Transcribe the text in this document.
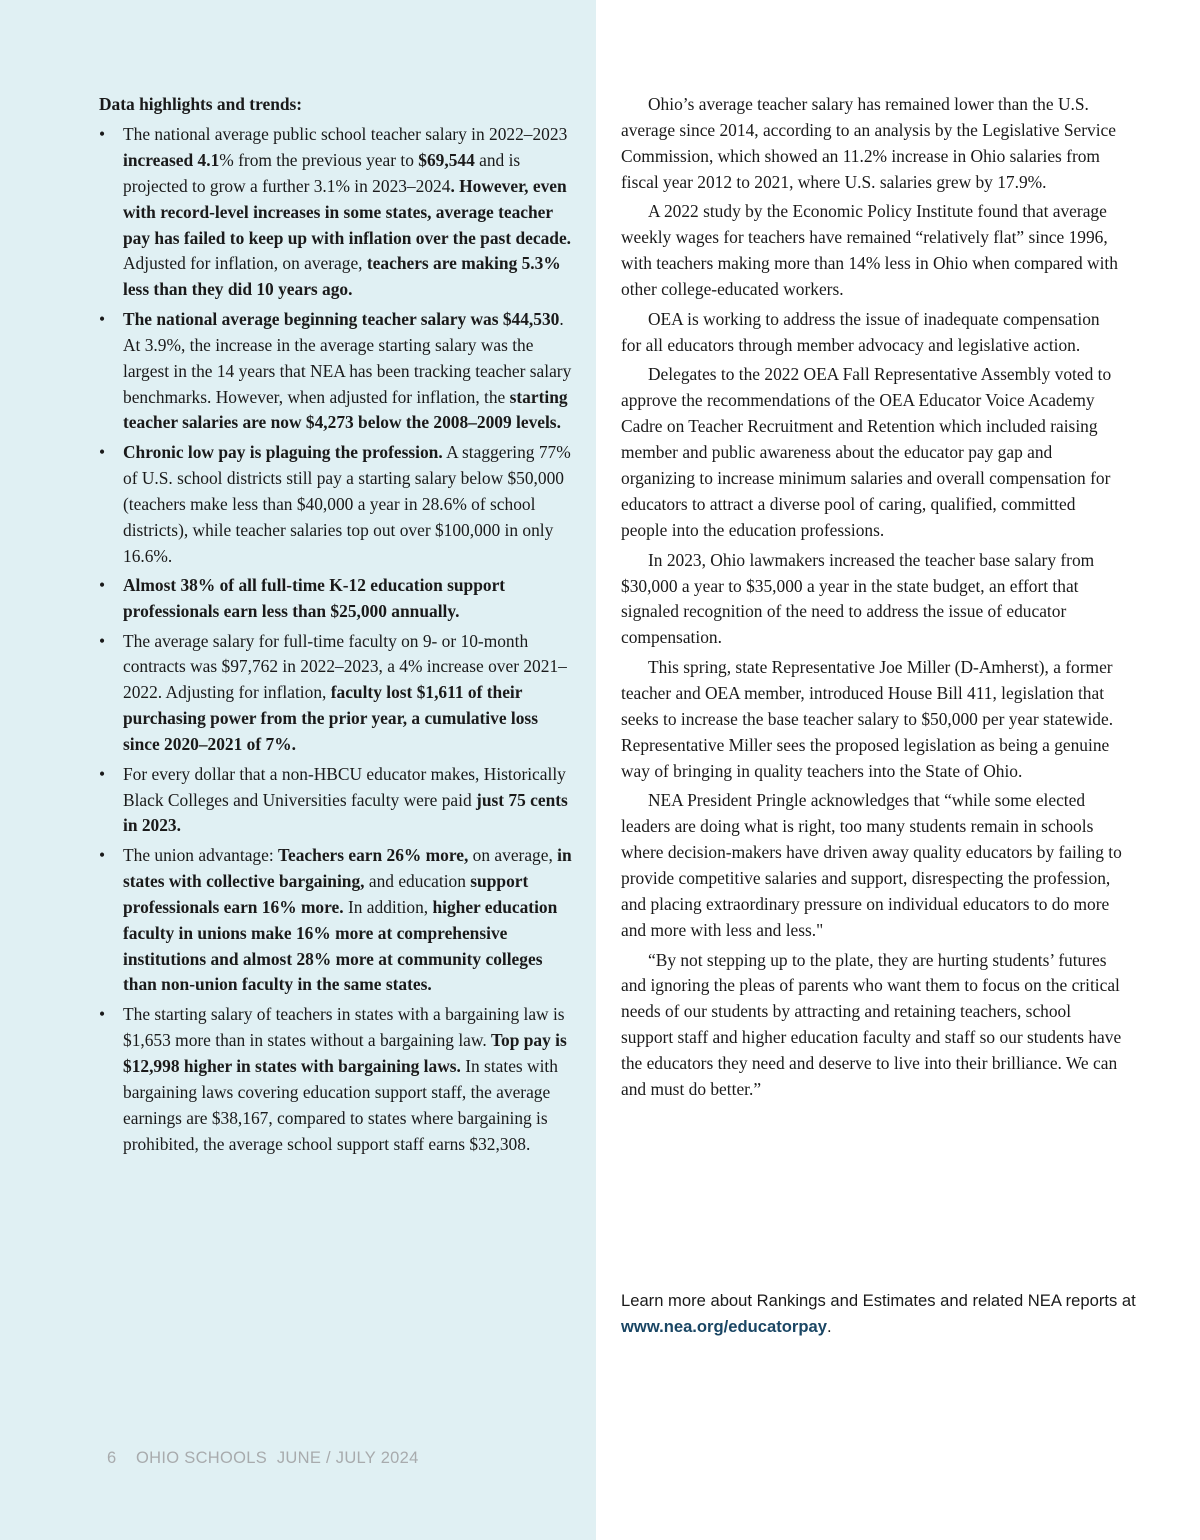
Data highlights and trends:
•	The national average public school teacher salary in 2022–2023 increased 4.1% from the previous year to $69,544 and is projected to grow a further 3.1% in 2023–2024. However, even with record-level increases in some states, average teacher pay has failed to keep up with inflation over the past decade. Adjusted for inflation, on average, teachers are making 5.3% less than they did 10 years ago.
•	The national average beginning teacher salary was $44,530. At 3.9%, the increase in the average starting salary was the largest in the 14 years that NEA has been tracking teacher salary benchmarks. However, when adjusted for inflation, the starting teacher salaries are now $4,273 below the 2008–2009 levels.
•	Chronic low pay is plaguing the profession. A staggering 77% of U.S. school districts still pay a starting salary below $50,000 (teachers make less than $40,000 a year in 28.6% of school districts), while teacher salaries top out over $100,000 in only 16.6%.
•	Almost 38% of all full-time K-12 education support professionals earn less than $25,000 annually.
•	The average salary for full-time faculty on 9- or 10-month contracts was $97,762 in 2022–2023, a 4% increase over 2021–2022. Adjusting for inflation, faculty lost $1,611 of their purchasing power from the prior year, a cumulative loss since 2020–2021 of 7%.
•	For every dollar that a non-HBCU educator makes, Historically Black Colleges and Universities faculty were paid just 75 cents in 2023.
•	The union advantage: Teachers earn 26% more, on average, in states with collective bargaining, and education support professionals earn 16% more. In addition, higher education faculty in unions make 16% more at comprehensive institutions and almost 28% more at community colleges than non-union faculty in the same states.
•	The starting salary of teachers in states with a bargaining law is $1,653 more than in states without a bargaining law. Top pay is $12,998 higher in states with bargaining laws. In states with bargaining laws covering education support staff, the average earnings are $38,167, compared to states where bargaining is prohibited, the average school support staff earns $32,308.

Ohio’s average teacher salary has remained lower than the U.S. average since 2014, according to an analysis by the Legislative Service Commission, which showed an 11.2% increase in Ohio salaries from fiscal year 2012 to 2021, where U.S. salaries grew by 17.9%.

A 2022 study by the Economic Policy Institute found that average weekly wages for teachers have remained “relatively flat” since 1996, with teachers making more than 14% less in Ohio when compared with other college-educated workers.

OEA is working to address the issue of inadequate compensation for all educators through member advocacy and legislative action.

Delegates to the 2022 OEA Fall Representative Assembly voted to approve the recommendations of the OEA Educator Voice Academy Cadre on Teacher Recruitment and Retention which included raising member and public awareness about the educator pay gap and organizing to increase minimum salaries and overall compensation for educators to attract a diverse pool of caring, qualified, committed people into the education professions.

In 2023, Ohio lawmakers increased the teacher base salary from $30,000 a year to $35,000 a year in the state budget, an effort that signaled recognition of the need to address the issue of educator compensation.

This spring, state Representative Joe Miller (D-Amherst), a former teacher and OEA member, introduced House Bill 411, legislation that seeks to increase the base teacher salary to $50,000 per year statewide. Representative Miller sees the proposed legislation as being a genuine way of bringing in quality teachers into the State of Ohio.

NEA President Pringle acknowledges that “while some elected leaders are doing what is right, too many students remain in schools where decision-makers have driven away quality educators by failing to provide competitive salaries and support, disrespecting the profession, and placing extraordinary pressure on individual educators to do more and more with less and less."

“By not stepping up to the plate, they are hurting students’ futures and ignoring the pleas of parents who want them to focus on the critical needs of our students by attracting and retaining teachers, school support staff and higher education faculty and staff so our students have the educators they need and deserve to live into their brilliance. We can and must do better.”

Learn more about Rankings and Estimates and related NEA reports at www.nea.org/educatorpay.
6 OHIO SCHOOLS  JUNE / JULY 2024
